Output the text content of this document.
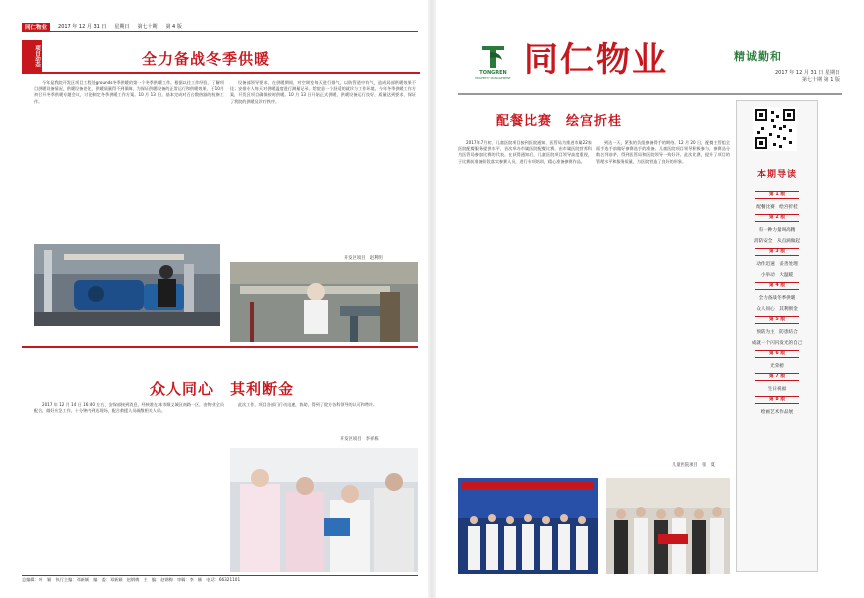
同仁物业	2017 年 12 月 31 日 星期日 第七十期 第 4 版
全力备战冬季供暖
项目动态

今年是我院开发区项目工程处grounds冬季供暖的第一个冬季供暖工作。根据以往工作经验，了解项目供暖设备情况，供暖设备老化，供暖质量得不到保障，为保证供暖设备的正常运行和供暖效果，于10月初召开冬季供暖专题会议，讨论制定冬季供暖工作方案。10 月 13 日，基本完成对百台散热器的检修工作。

设备部领导要求，在供暖期间，对空调室每天进行排气，以防管道中有气，造成局部供暖效果不佳；安排专人每天对供暖温度进行测量记录，给院意一个舒适的就诊与工作环境。今年冬季供暖工作方案，开发区项目确保按时供暖。10 月 13 日开始正式供暖，供暖设备运行良好，质量达到要求，保证了我院的供暖及诊疗秩序。

开发区项目　赵利明
众人同心　其利断金

2017 年 12 月 14 日 16:40 左右，安保部接到消息，经核准在本市顺义城区南路一区，由物业全员配合，做好应急工作，十分钟内到达现场，配合救援人员疏散相关人员。

此次工作，项目各部门行动迅速，协助、得到了院方各科领导的认可和赞许。

开发区项目　李祥栋
总编辑：叶　颖　执行主编：邓新颖　编　委：邓新颖　赵钢梅　主　编：赵钢梅　审稿：李　颖　电话：66321101
TONGREN
PROPERTY MANAGEMENT 同仁物业	精诚勤和
2017 年 12 月 31 日 星期日
第七十期 第 1 版
配餐比赛　绘宫折桂

2017年7月初，儿童医院项目接到医院通知，医管局为推进市属22家医院配餐服务提供水平，首次举办市属医院配餐比赛，由市属医院营养科为医管局参加比赛的代表。在获得通知后，儿童医院项目领导高度重视，于比赛前准备阶段落实参赛人员，进行专项培训，精心准备参赛作品。

到达一天，紧张的负组参备得手的期待。12 月 20 日，配餐主管组全面手选手前做好参赛选手的准备。儿童医院项目领导积极参与，参赛品分数名列前茅，得到医管局和医院领导一致好评。此次比赛，提升了项目的管理水平和服务质量，为医院营造了良好的形象。

儿童医院项目　张　夏
本期导读
第 1 版
配餐比赛　绘宫折桂
第 2 版
有一种力量叫高精
消防安全　从点滴做起
第 3 版
动作迅速　妥善处理
小举动　大温暖
第 4 版
全力备战冬季供暖
众人同心　其利断金
第 5 版
预防为主　防患结合
成就一个闪闪发光的自己
第 6 版
光荣榜
第 7 版
生日祝福
第 8 版
绘画艺术作品展
